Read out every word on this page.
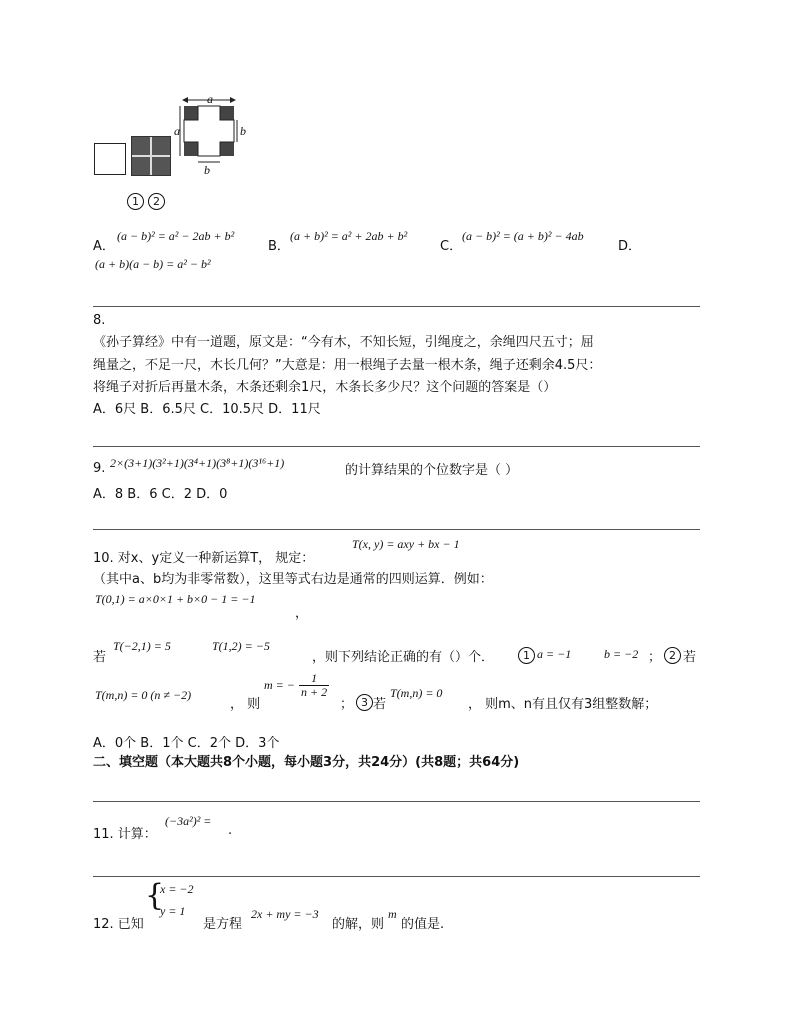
a
a	b
b
1	2
A．
(a − b)² = a² − 2ab + b²
B．
(a + b)² = a² + 2ab + b²
C．
(a − b)² = (a + b)² − 4ab
D．
(a + b)(a − b) = a² − b²
8.
《孙子算经》中有一道题，原文是：“今有木，不知长短，引绳度之，余绳四尺五寸；屈
绳量之，不足一尺，木长几何？”大意是：用一根绳子去量一根木条，绳子还剩余4.5尺：
将绳子对折后再量木条，木条还剩余1尺，木条长多少尺？这个问题的答案是（）
A．6尺 B．6.5尺 C．10.5尺 D．11尺
9. 2×(3+1)(3²+1)(3⁴+1)(3⁸+1)(3¹⁶+1)	的计算结果的个位数字是（ ）
A．8 B．6 C．2 D．0
10. 对x、y定义一种新运算T， 规定：
T(x, y) = axy + bx − 1
（其中a、b均为非零常数），这里等式右边是通常的四则运算．例如：
T(0,1) = a×0×1 + b×0 − 1 = −1
，
若
T(−2,1) = 5	T(1,2) = −5
，则下列结论正确的有（）个．	1 a = −1	b = −2 ； 2 若
T(m,n) = 0 (n ≠ −2)
， 则
m = − $\frac{1}{n + 2}$
； 3 若
T(m,n) = 0
， 则m、n有且仅有3组整数解；
A．0个 B．1个 C．2个 D．3个
二、填空题（本大题共8个小题，每小题3分，共24分）(共8题；共64分)
11. 计算：
(−3a²)² =
.
12. 已知
{
x = −2
y = 1
是方程
2x + my = −3
的解，则
m
的值是.
